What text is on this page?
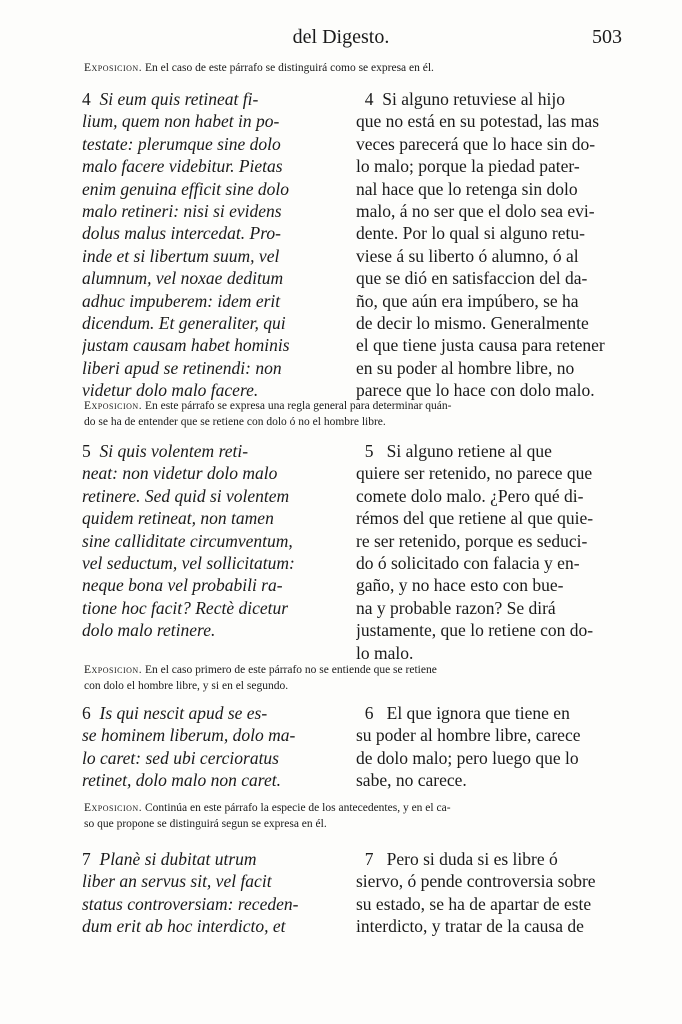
del Digesto.	503
Exposicion. En el caso de este párrafo se distinguirá como se expresa en él.
4 Si eum quis retineat fi-
lium, quem non habet in po-
testate: plerumque sine dolo
malo facere videbitur. Pietas
enim genuina efficit sine dolo
malo retineri: nisi si evidens
dolus malus intercedat. Pro-
inde et si libertum suum, vel
alumnum, vel noxae deditum
adhuc impuberem: idem erit
dicendum. Et generaliter, qui
justam causam habet hominis
liberi apud se retinendi: non
videtur dolo malo facere.
4 Si alguno retuviese al hijo
que no está en su potestad, las mas
veces parecerá que lo hace sin do-
lo malo; porque la piedad pater-
nal hace que lo retenga sin dolo
malo, á no ser que el dolo sea evi-
dente. Por lo qual si alguno retu-
viese á su liberto ó alumno, ó al
que se dió en satisfaccion del da-
ño, que aún era impúbero, se ha
de decir lo mismo. Generalmente
el que tiene justa causa para retener
en su poder al hombre libre, no
parece que lo hace con dolo malo.
Exposicion. En este párrafo se expresa una regla general para determinar quán-
do se ha de entender que se retiene con dolo ó no el hombre libre.
5 Si quis volentem reti-
neat: non videtur dolo malo
retinere. Sed quid si volentem
quidem retineat, non tamen
sine calliditate circumventum,
vel seductum, vel sollicitatum:
neque bona vel probabili ra-
tione hoc facit? Rectè dicetur
dolo malo retinere.
5 Si alguno retiene al que
quiere ser retenido, no parece que
comete dolo malo. ¿Pero qué di-
rémos del que retiene al que quie-
re ser retenido, porque es seduci-
do ó solicitado con falacia y en-
gaño, y no hace esto con bue-
na y probable razon? Se dirá
justamente, que lo retiene con do-
lo malo.
Exposicion. En el caso primero de este párrafo no se entiende que se retiene
con dolo el hombre libre, y si en el segundo.
6 Is qui nescit apud se es-
se hominem liberum, dolo ma-
lo caret: sed ubi cercioratus
retinet, dolo malo non caret.
6 El que ignora que tiene en
su poder al hombre libre, carece
de dolo malo; pero luego que lo
sabe, no carece.
Exposicion. Continúa en este párrafo la especie de los antecedentes, y en el ca-
so que propone se distinguirá segun se expresa en él.
7 Planè si dubitat utrum
liber an servus sit, vel facit
status controversiam: receden-
dum erit ab hoc interdicto, et
7 Pero si duda si es libre ó
siervo, ó pende controversia sobre
su estado, se ha de apartar de este
interdicto, y tratar de la causa de
